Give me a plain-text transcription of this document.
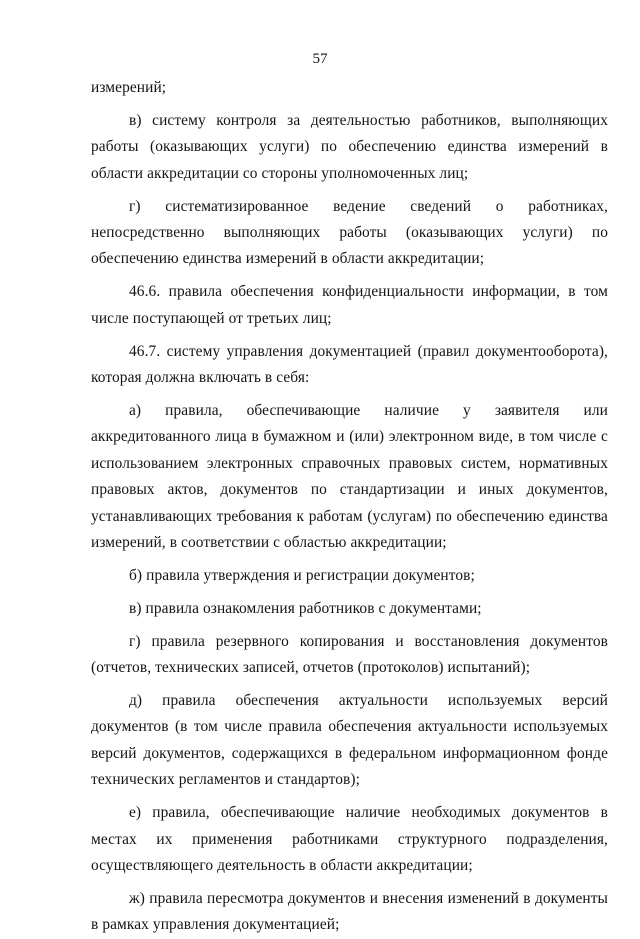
57

измерений;

в) систему контроля за деятельностью работников, выполняющих работы (оказывающих услуги) по обеспечению единства измерений в области аккредитации со стороны уполномоченных лиц;

г) систематизированное ведение сведений о работниках, непосредственно выполняющих работы (оказывающих услуги) по обеспечению единства измерений в области аккредитации;

46.6. правила обеспечения конфиденциальности информации, в том числе поступающей от третьих лиц;

46.7. систему управления документацией (правил документооборота), которая должна включать в себя:

а) правила, обеспечивающие наличие у заявителя или аккредитованного лица в бумажном и (или) электронном виде, в том числе с использованием электронных справочных правовых систем, нормативных правовых актов, документов по стандартизации и иных документов, устанавливающих требования к работам (услугам) по обеспечению единства измерений, в соответствии с областью аккредитации;

б) правила утверждения и регистрации документов;

в) правила ознакомления работников с документами;

г) правила резервного копирования и восстановления документов (отчетов, технических записей, отчетов (протоколов) испытаний);

д) правила обеспечения актуальности используемых версий документов (в том числе правила обеспечения актуальности используемых версий документов, содержащихся в федеральном информационном фонде технических регламентов и стандартов);

е) правила, обеспечивающие наличие необходимых документов в местах их применения работниками структурного подразделения, осуществляющего деятельность в области аккредитации;

ж) правила пересмотра документов и внесения изменений в документы в рамках управления документацией;
